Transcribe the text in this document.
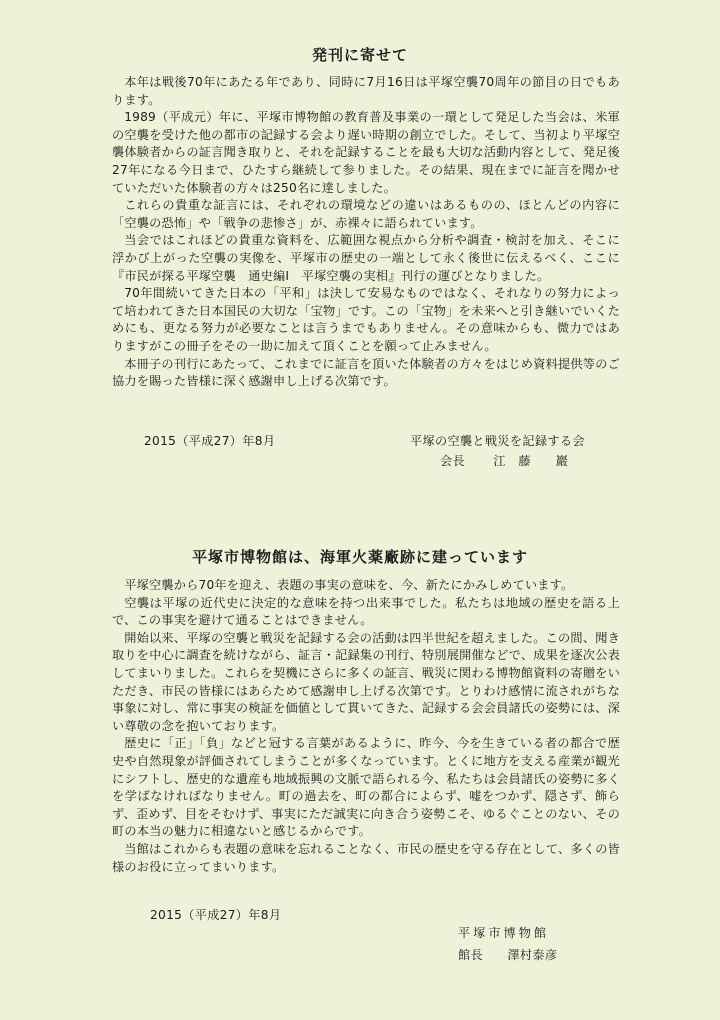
発刊に寄せて

本年は戦後70年にあたる年であり、同時に7月16日は平塚空襲70周年の節目の日でもあります。

1989（平成元）年に、平塚市博物館の教育普及事業の一環として発足した当会は、米軍の空襲を受けた他の都市の記録する会より遅い時期の創立でした。そして、当初より平塚空襲体験者からの証言聞き取りと、それを記録することを最も大切な活動内容として、発足後27年になる今日まで、ひたすら継続して参りました。その結果、現在までに証言を聞かせていただいた体験者の方々は250名に達しました。

これらの貴重な証言には、それぞれの環境などの違いはあるものの、ほとんどの内容に「空襲の恐怖」や「戦争の悲惨さ」が、赤裸々に語られています。

当会ではこれほどの貴重な資料を、広範囲な視点から分析や調査・検討を加え、そこに浮かび上がった空襲の実像を、平塚市の歴史の一端として永く後世に伝えるべく、ここに『市民が探る平塚空襲　通史編Ⅰ　平塚空襲の実相』刊行の運びとなりました。

70年間続いてきた日本の「平和」は決して安易なものではなく、それなりの努力によって培われてきた日本国民の大切な「宝物」です。この「宝物」を未来へと引き継いでいくためにも、更なる努力が必要なことは言うまでもありません。その意味からも、微力ではありますがこの冊子をその一助に加えて頂くことを願って止みません。

本冊子の刊行にあたって、これまでに証言を頂いた体験者の方々をはじめ資料提供等のご協力を賜った皆様に深く感謝申し上げる次第です。

2015（平成27）年8月	平塚の空襲と戦災を記録する会
会長 江　藤　　巖
平塚市博物館は、海軍火薬廠跡に建っています

平塚空襲から70年を迎え、表題の事実の意味を、今、新たにかみしめています。

空襲は平塚の近代史に決定的な意味を持つ出来事でした。私たちは地域の歴史を語る上で、この事実を避けて通ることはできません。

開始以来、平塚の空襲と戦災を記録する会の活動は四半世紀を超えました。この間、聞き取りを中心に調査を続けながら、証言・記録集の刊行、特別展開催などで、成果を逐次公表してまいりました。これらを契機にさらに多くの証言、戦災に関わる博物館資料の寄贈をいただき、市民の皆様にはあらためて感謝申し上げる次第です。とりわけ感情に流されがちな事象に対し、常に事実の検証を価値として貫いてきた、記録する会会員諸氏の姿勢には、深い尊敬の念を抱いております。

歴史に「正」「負」などと冠する言葉があるように、昨今、今を生きている者の都合で歴史や自然現象が評価されてしまうことが多くなっています。とくに地方を支える産業が観光にシフトし、歴史的な遺産も地域振興の文脈で語られる今、私たちは会員諸氏の姿勢に多くを学ばなければなりません。町の過去を、町の都合によらず、嘘をつかず、隠さず、飾らず、歪めず、目をそむけず、事実にただ誠実に向き合う姿勢こそ、ゆるぐことのない、その町の本当の魅力に相違ないと感じるからです。

当館はこれからも表題の意味を忘れることなく、市民の歴史を守る存在として、多くの皆様のお役に立ってまいります。

2015（平成27）年8月
平塚市博物館
館長 澤村泰彦
